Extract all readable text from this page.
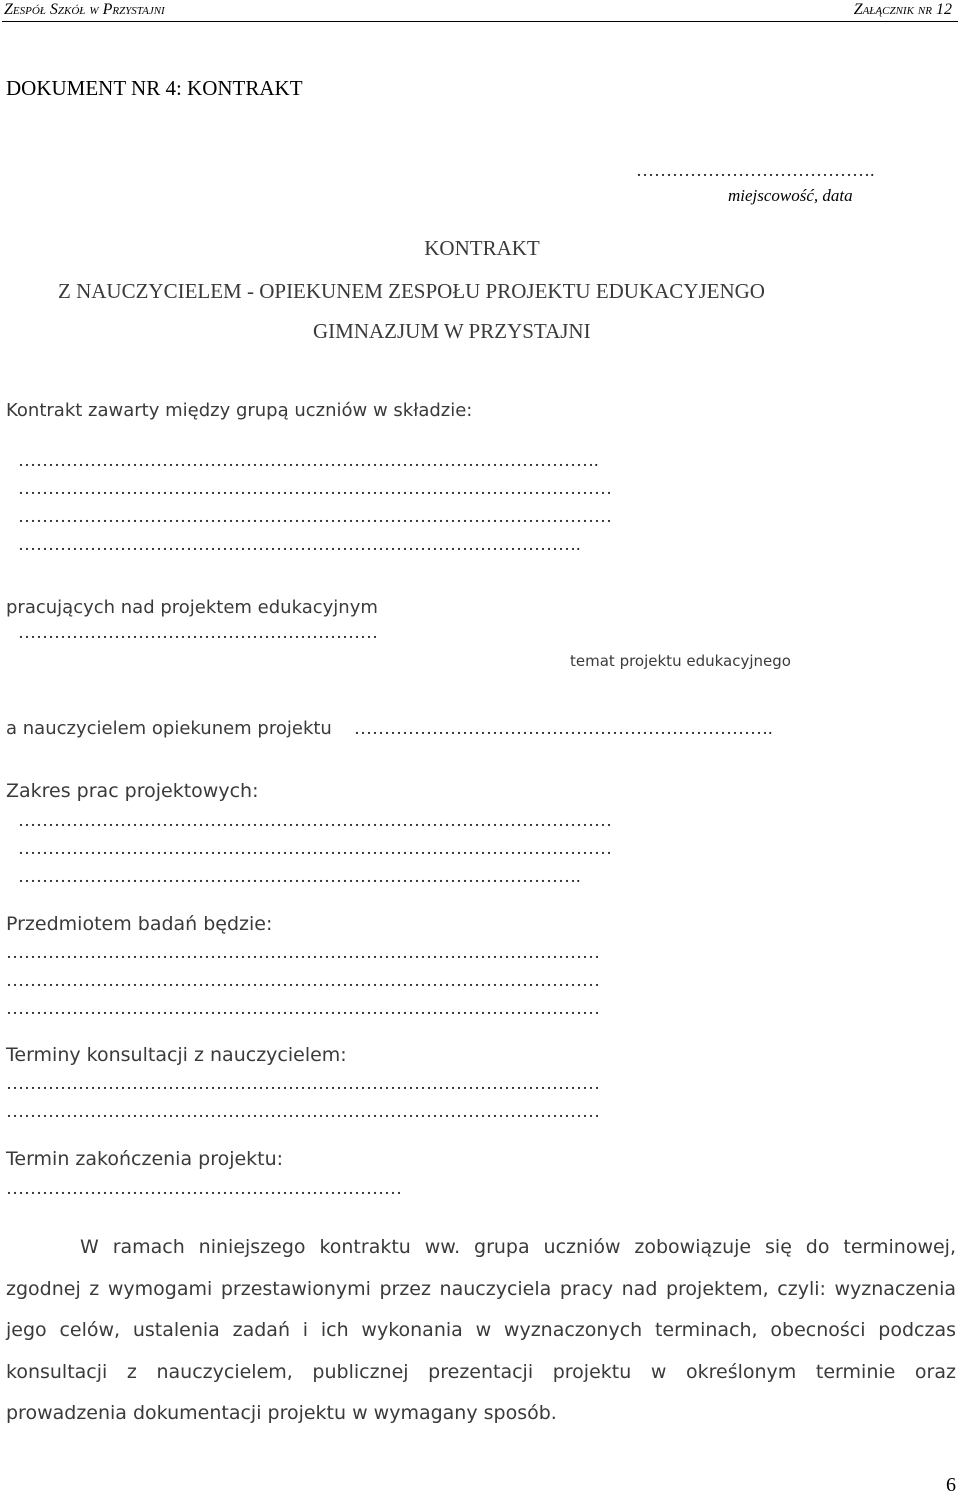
Zespół Szkół w Przystajni	Załącznik nr 12
DOKUMENT NR 4: KONTRAKT
………………………………….
miejscowość, data
KONTRAKT
Z NAUCZYCIELEM - OPIEKUNEM ZESPOŁU PROJEKTU EDUKACYJENGO
GIMNAZJUM W PRZYSTAJNI
Kontrakt zawarty między grupą uczniów w składzie:
…………………………………………………………………………………….
………………………………………………………………………………………
………………………………………………………………………………………
………………………………………………………………………………….
pracujących nad projektem edukacyjnym
……………………………………………………
temat projektu edukacyjnego
a nauczycielem opiekunem projektu …………………………………………………………….
Zakres prac projektowych:
………………………………………………………………………………………
………………………………………………………………………………………
………………………………………………………………………………….
Przedmiotem badań będzie:
………………………………………………………………………………………
………………………………………………………………………………………
………………………………………………………………………………………
Terminy konsultacji z nauczycielem:
………………………………………………………………………………………
………………………………………………………………………………………
Termin zakończenia projektu:
…………………………………………………………
W ramach niniejszego kontraktu ww. grupa uczniów zobowiązuje się do terminowej, zgodnej z wymogami przestawionymi przez nauczyciela pracy nad projektem, czyli: wyznaczenia jego celów, ustalenia zadań i ich wykonania w wyznaczonych terminach, obecności podczas konsultacji z nauczycielem, publicznej prezentacji projektu w określonym terminie oraz prowadzenia dokumentacji projektu w wymagany sposób.
6
